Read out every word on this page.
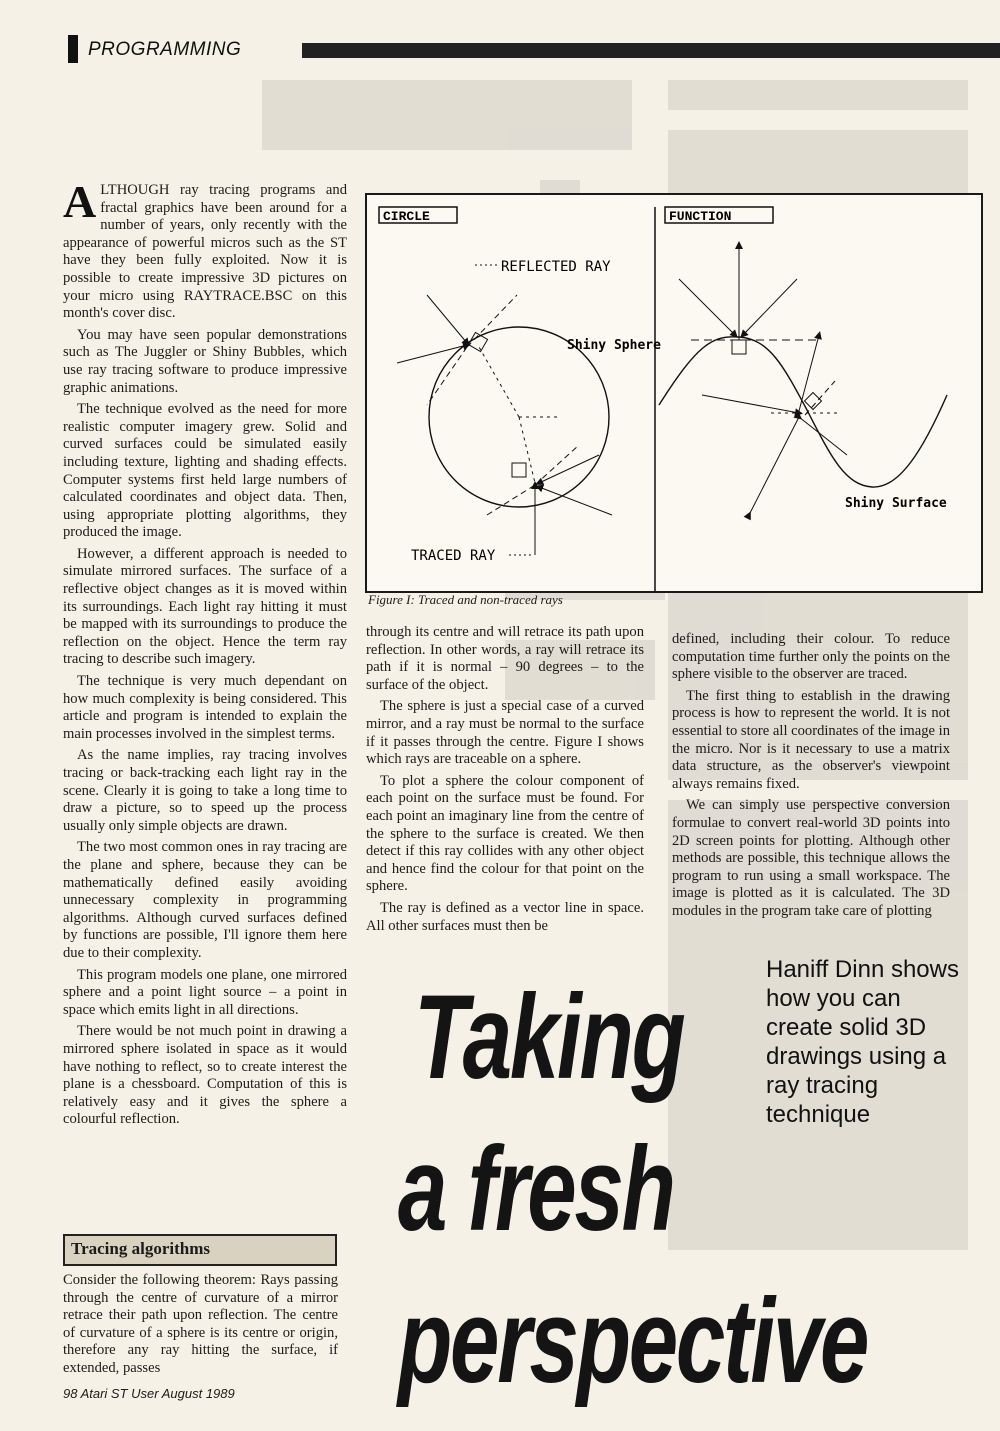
PROGRAMMING

ALTHOUGH ray tracing programs and fractal graphics have been around for a number of years, only recently with the appearance of powerful micros such as the ST have they been fully exploited. Now it is possible to create impressive 3D pictures on your micro using RAYTRACE.BSC on this month's cover disc.

You may have seen popular demonstrations such as The Juggler or Shiny Bubbles, which use ray tracing software to produce impressive graphic animations.

The technique evolved as the need for more realistic computer imagery grew. Solid and curved surfaces could be simulated easily including texture, lighting and shading effects. Computer systems first held large numbers of calculated coordinates and object data. Then, using appropriate plotting algorithms, they produced the image.

However, a different approach is needed to simulate mirrored surfaces. The surface of a reflective object changes as it is moved within its surroundings. Each light ray hitting it must be mapped with its surroundings to produce the reflection on the object. Hence the term ray tracing to describe such imagery.

The technique is very much dependant on how much complexity is being considered. This article and program is intended to explain the main processes involved in the simplest terms.

As the name implies, ray tracing involves tracing or back-tracking each light ray in the scene. Clearly it is going to take a long time to draw a picture, so to speed up the process usually only simple objects are drawn.

The two most common ones in ray tracing are the plane and sphere, because they can be mathematically defined easily avoiding unnecessary complexity in programming algorithms. Although curved surfaces defined by functions are possible, I'll ignore them here due to their complexity.

This program models one plane, one mirrored sphere and a point light source – a point in space which emits light in all directions.

There would be not much point in drawing a mirrored sphere isolated in space as it would have nothing to reflect, so to create interest the plane is a chessboard. Computation of this is relatively easy and it gives the sphere a colourful reflection.

Tracing algorithms

Consider the following theorem: Rays passing through the centre of curvature of a mirror retrace their path upon reflection. The centre of curvature of a sphere is its centre or origin, therefore any ray hitting the surface, if extended, passes

CIRCLE
REFLECTED RAY
Shiny Sphere
TRACED RAY
FUNCTION
Shiny Surface
Figure I: Traced and non-traced rays

through its centre and will retrace its path upon reflection. In other words, a ray will retrace its path if it is normal – 90 degrees – to the surface of the object.

The sphere is just a special case of a curved mirror, and a ray must be normal to the surface if it passes through the centre. Figure I shows which rays are traceable on a sphere.

To plot a sphere the colour component of each point on the surface must be found. For each point an imaginary line from the centre of the sphere to the surface is created. We then detect if this ray collides with any other object and hence find the colour for that point on the sphere.

The ray is defined as a vector line in space. All other surfaces must then be

defined, including their colour. To reduce computation time further only the points on the sphere visible to the observer are traced.

The first thing to establish in the drawing process is how to represent the world. It is not essential to store all coordinates of the image in the micro. Nor is it necessary to use a matrix data structure, as the observer's viewpoint always remains fixed.

We can simply use perspective conversion formulae to convert real-world 3D points into 2D screen points for plotting. Although other methods are possible, this technique allows the program to run using a small workspace. The image is plotted as it is calculated. The 3D modules in the program take care of plotting

Taking
a fresh
perspective
Haniff Dinn shows how you can create solid 3D drawings using a ray tracing technique
98 Atari ST User August 1989
